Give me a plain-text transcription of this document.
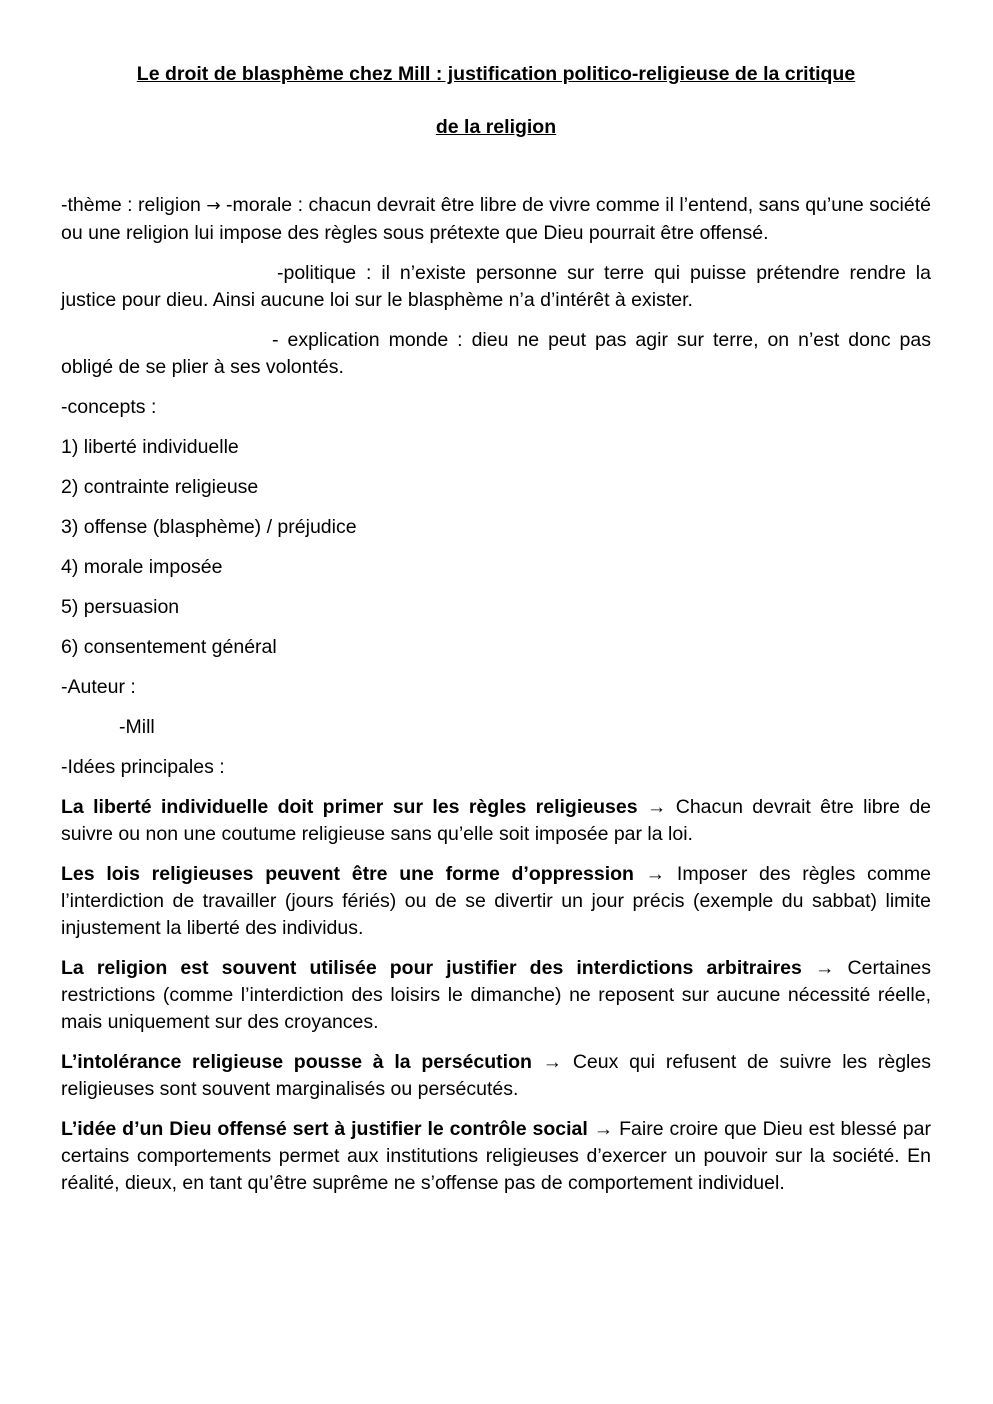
Le droit de blasphème chez Mill : justification politico-religieuse de la critique

de la religion

-thème : religion → -morale : chacun devrait être libre de vivre comme il l’entend, sans qu’une société ou une religion lui impose des règles sous prétexte que Dieu pourrait être offensé.

-politique : il n’existe personne sur terre qui puisse prétendre rendre la justice pour dieu. Ainsi aucune loi sur le blasphème n’a d’intérêt à exister.

- explication monde : dieu ne peut pas agir sur terre, on n’est donc pas obligé de se plier à ses volontés.

-concepts :

1) liberté individuelle

2) contrainte religieuse

3) offense (blasphème) / préjudice

4) morale imposée

5) persuasion

6) consentement général

-Auteur :

-Mill

-Idées principales :

La liberté individuelle doit primer sur les règles religieuses → Chacun devrait être libre de suivre ou non une coutume religieuse sans qu’elle soit imposée par la loi.

Les lois religieuses peuvent être une forme d’oppression → Imposer des règles comme l’interdiction de travailler (jours fériés) ou de se divertir un jour précis (exemple du sabbat) limite injustement la liberté des individus.

La religion est souvent utilisée pour justifier des interdictions arbitraires → Certaines restrictions (comme l’interdiction des loisirs le dimanche) ne reposent sur aucune nécessité réelle, mais uniquement sur des croyances.

L’intolérance religieuse pousse à la persécution → Ceux qui refusent de suivre les règles religieuses sont souvent marginalisés ou persécutés.

L’idée d’un Dieu offensé sert à justifier le contrôle social → Faire croire que Dieu est blessé par certains comportements permet aux institutions religieuses d’exercer un pouvoir sur la société. En réalité, dieux, en tant qu’être suprême ne s’offense pas de comportement individuel.
